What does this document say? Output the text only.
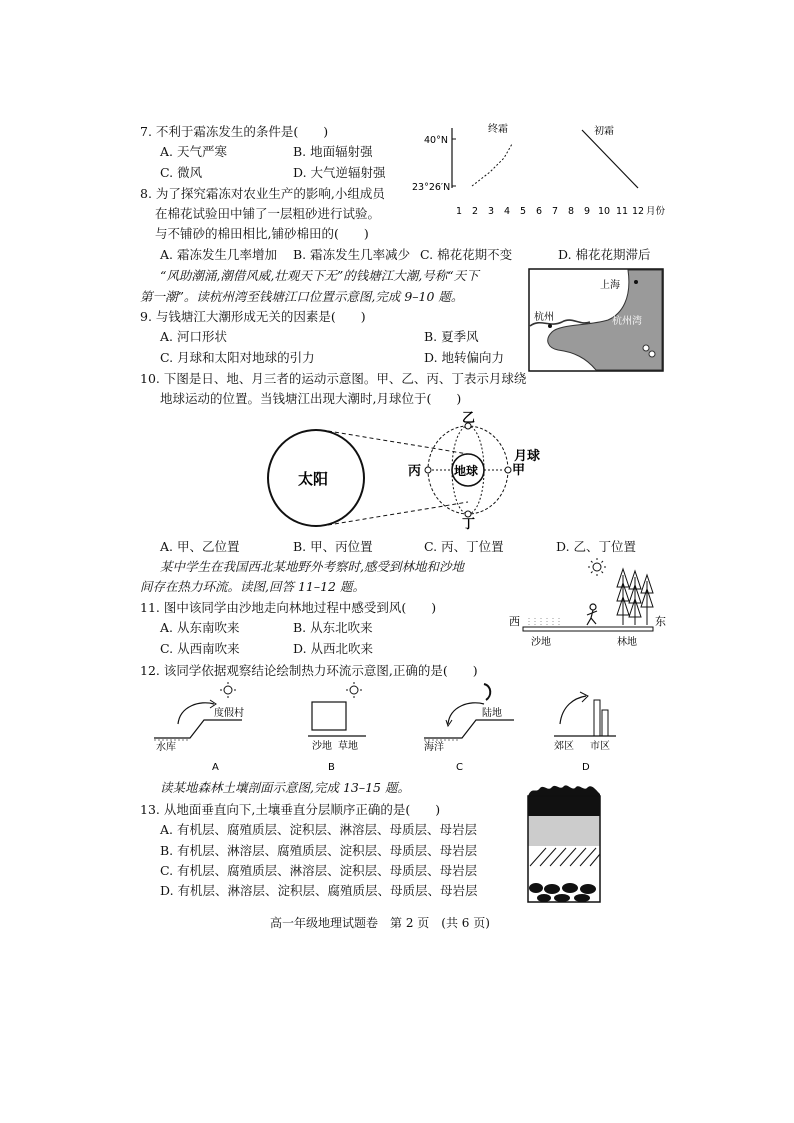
7. 不利于霜冻发生的条件是(　　)
A. 天气严寒	B. 地面辐射强
C. 微风	D. 大气逆辐射强
40°N
23°26′N
终霜	初霜
1 2 3 4 5 6 7 8 9 10 11 12 月份
8. 为了探究霜冻对农业生产的影响,小组成员
在棉花试验田中铺了一层粗砂进行试验。
与不铺砂的棉田相比,铺砂棉田的(　　)
A. 霜冻发生几率增加 B. 霜冻发生几率减少 C. 棉花花期不变	D. 棉花花期滞后
“风助潮涌,潮借风威,壮观天下无”的钱塘江大潮,号称“天下
第一潮”。读杭州湾至钱塘江口位置示意图,完成 9–10 题。
上海
杭州	杭州湾
9. 与钱塘江大潮形成无关的因素是(　　)
A. 河口形状	B. 夏季风
C. 月球和太阳对地球的引力	D. 地转偏向力
10. 下图是日、地、月三者的运动示意图。甲、乙、丙、丁表示月球绕
地球运动的位置。当钱塘江出现大潮时,月球位于(　　)
太阳	地球
乙
丁
丙	甲
月球
A. 甲、乙位置	B. 甲、丙位置	C. 丙、丁位置	D. 乙、丁位置
某中学生在我国西北某地野外考察时,感受到林地和沙地
间存在热力环流。读图,回答 11–12 题。
西	东
沙地	林地
11. 图中该同学由沙地走向林地过程中感受到风(　　)
A. 从东南吹来	B. 从东北吹来
C. 从西南吹来	D. 从西北吹来
12. 该同学依据观察结论绘制热力环流示意图,正确的是(　　)
度假村
水库
A
沙地 草地
B
陆地
海洋
C
郊区 市区
D
读某地森林土壤剖面示意图,完成 13–15 题。
13. 从地面垂直向下,土壤垂直分层顺序正确的是(　　)
A. 有机层、腐殖质层、淀积层、淋溶层、母质层、母岩层
B. 有机层、淋溶层、腐殖质层、淀积层、母质层、母岩层
C. 有机层、腐殖质层、淋溶层、淀积层、母质层、母岩层
D. 有机层、淋溶层、淀积层、腐殖质层、母质层、母岩层
高一年级地理试题卷　第 2 页　(共 6 页)
